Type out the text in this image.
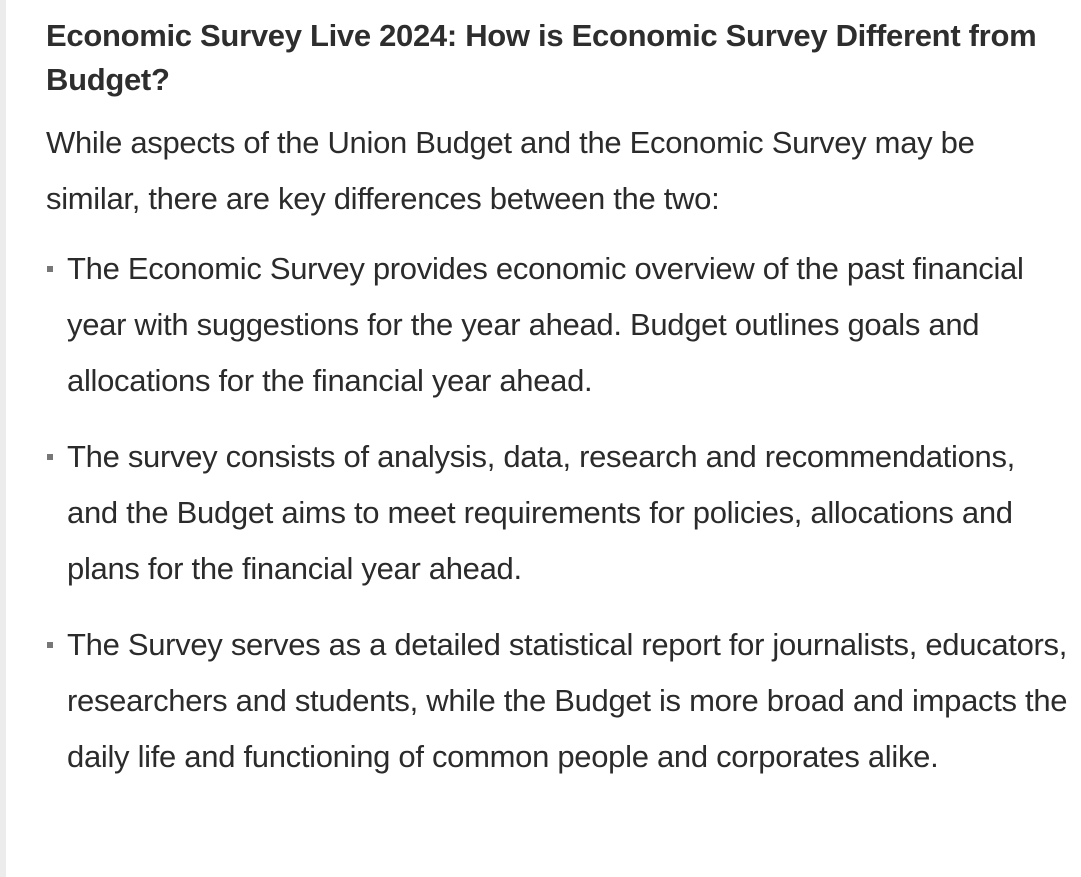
Economic Survey Live 2024: How is Economic Survey Different from Budget?

While aspects of the Union Budget and the Economic Survey may be similar, there are key differences between the two:

The Economic Survey provides economic overview of the past financial year with suggestions for the year ahead. Budget outlines goals and allocations for the financial year ahead.
The survey consists of analysis, data, research and recommendations, and the Budget aims to meet requirements for policies, allocations and plans for the financial year ahead.
The Survey serves as a detailed statistical report for journalists, educators, researchers and students, while the Budget is more broad and impacts the daily life and functioning of common people and corporates alike.
